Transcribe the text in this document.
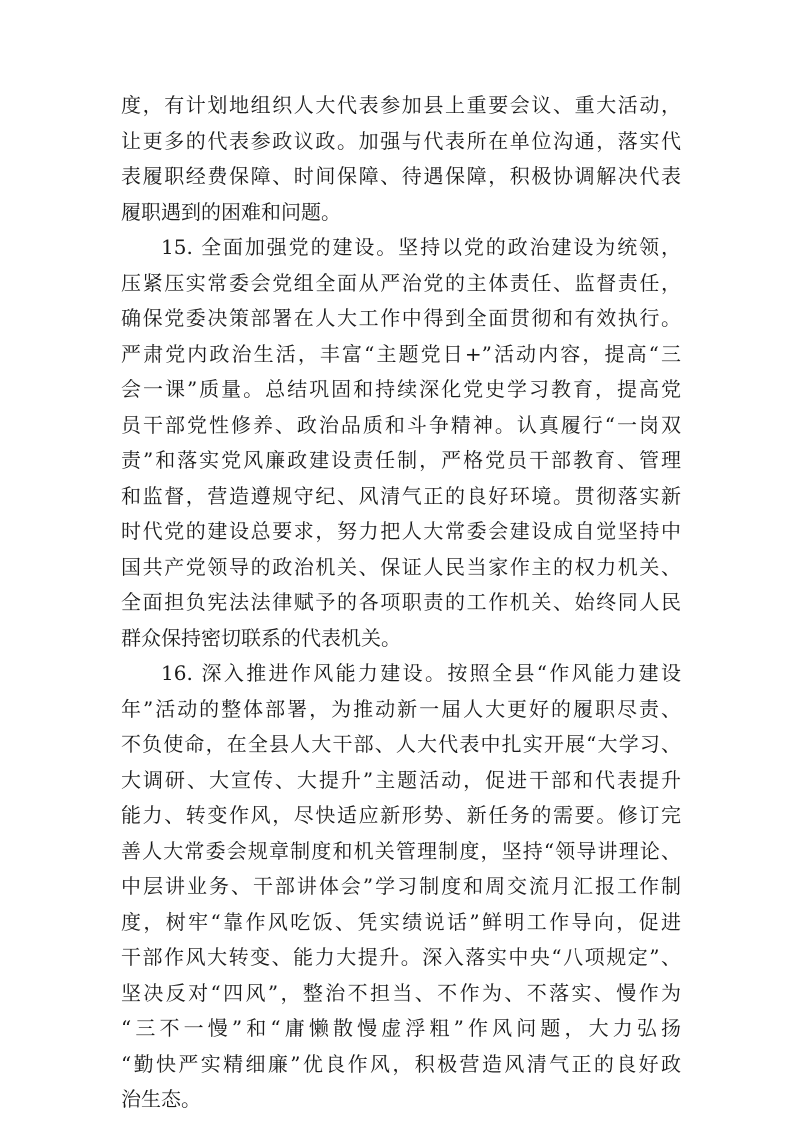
度，有计划地组织人大代表参加县上重要会议、重大活动，
让更多的代表参政议政。加强与代表所在单位沟通，落实代
表履职经费保障、时间保障、待遇保障，积极协调解决代表
履职遇到的困难和问题。
15. 全面加强党的建设。坚持以党的政治建设为统领，
压紧压实常委会党组全面从严治党的主体责任、监督责任，
确保党委决策部署在人大工作中得到全面贯彻和有效执行。
严肃党内政治生活，丰富“主题党日+”活动内容，提高“三
会一课”质量。总结巩固和持续深化党史学习教育，提高党
员干部党性修养、政治品质和斗争精神。认真履行“一岗双
责”和落实党风廉政建设责任制，严格党员干部教育、管理
和监督，营造遵规守纪、风清气正的良好环境。贯彻落实新
时代党的建设总要求，努力把人大常委会建设成自觉坚持中
国共产党领导的政治机关、保证人民当家作主的权力机关、
全面担负宪法法律赋予的各项职责的工作机关、始终同人民
群众保持密切联系的代表机关。
16. 深入推进作风能力建设。按照全县“作风能力建设
年”活动的整体部署，为推动新一届人大更好的履职尽责、
不负使命，在全县人大干部、人大代表中扎实开展“大学习、
大调研、大宣传、大提升”主题活动，促进干部和代表提升
能力、转变作风，尽快适应新形势、新任务的需要。修订完
善人大常委会规章制度和机关管理制度，坚持“领导讲理论、
中层讲业务、干部讲体会”学习制度和周交流月汇报工作制
度，树牢“靠作风吃饭、凭实绩说话”鲜明工作导向，促进
干部作风大转变、能力大提升。深入落实中央“八项规定”、
坚决反对“四风”，整治不担当、不作为、不落实、慢作为
“三不一慢”和“庸懒散慢虚浮粗”作风问题，大力弘扬
“勤快严实精细廉”优良作风，积极营造风清气正的良好政
治生态。
